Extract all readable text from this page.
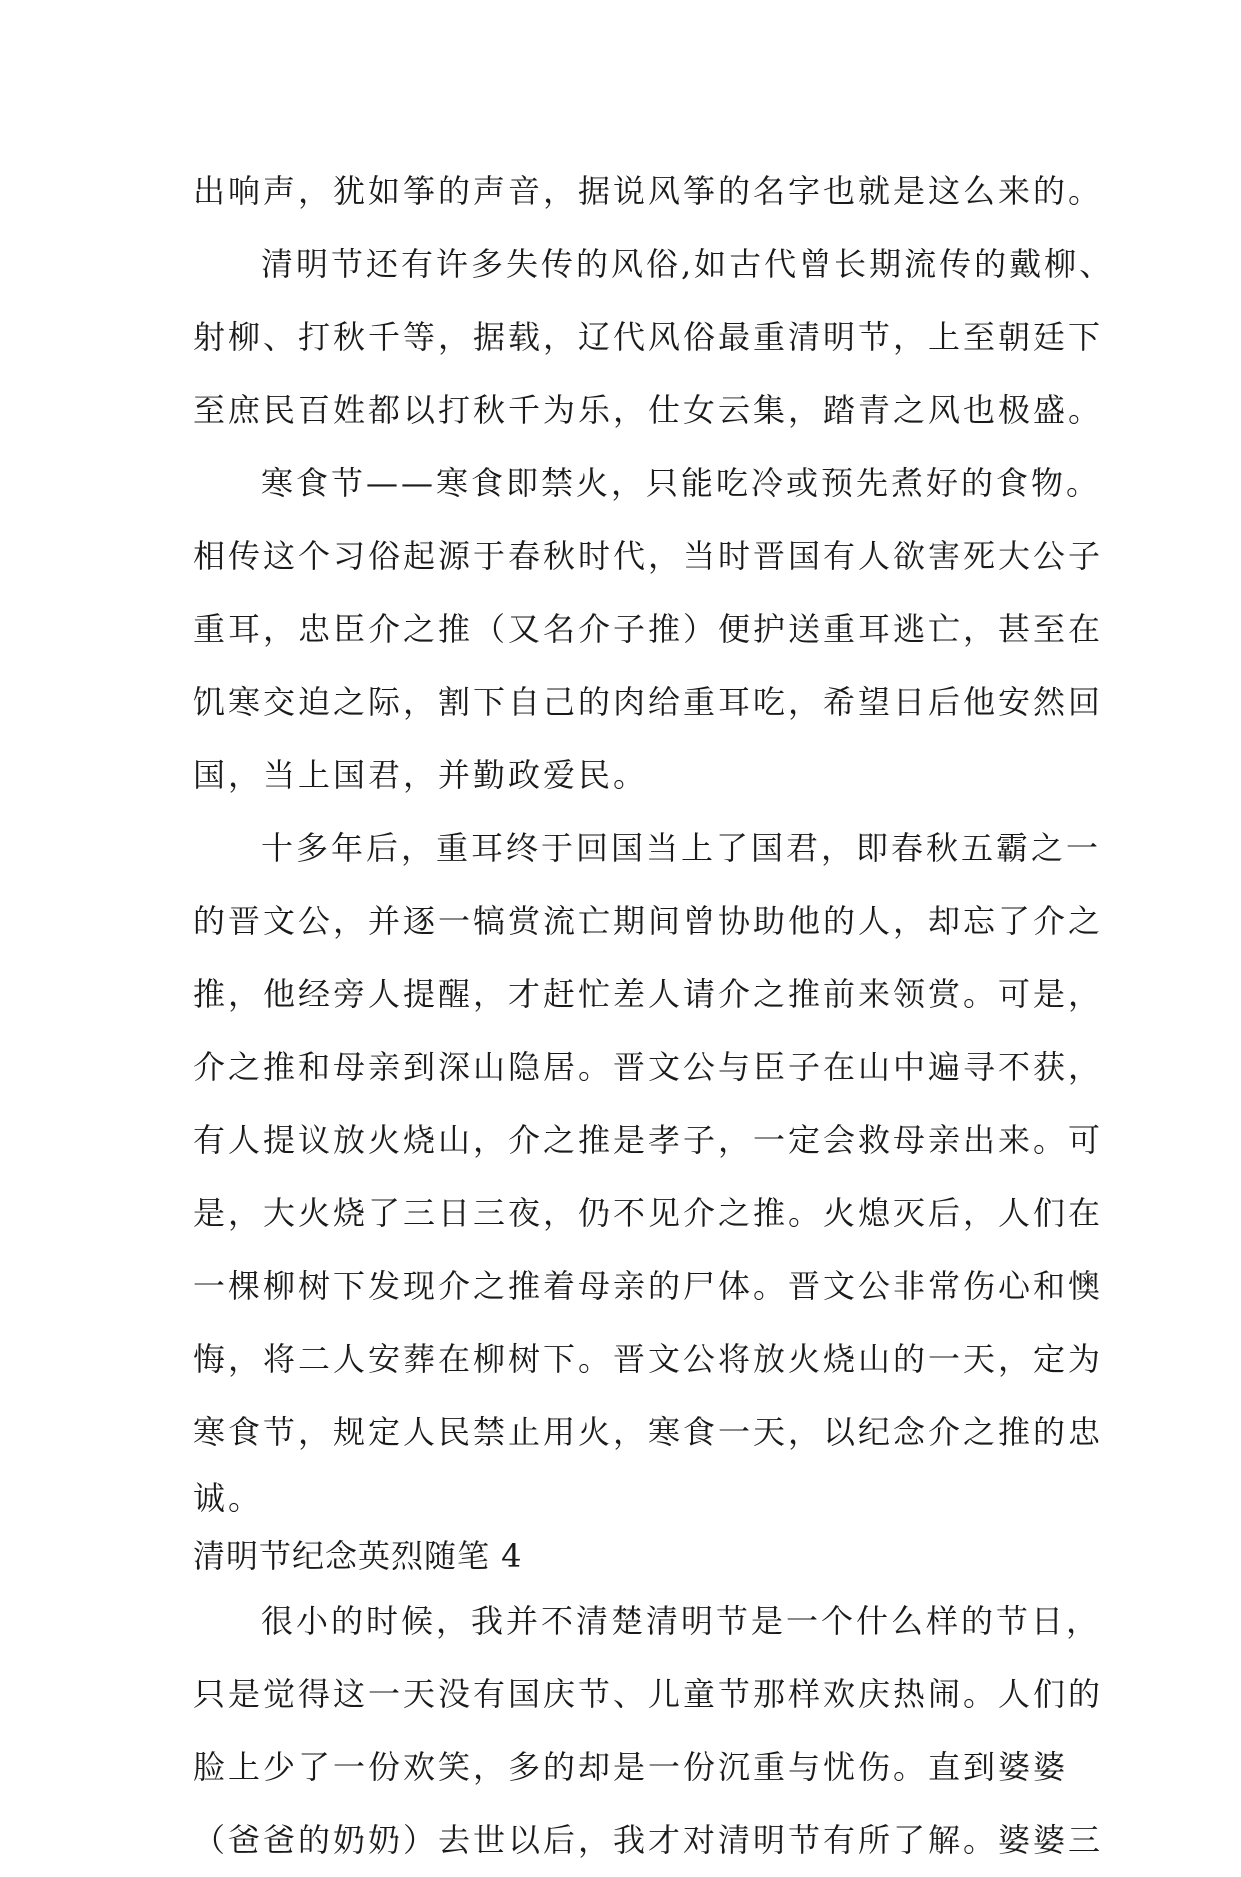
出响声，犹如筝的声音，据说风筝的名字也就是这么来的。
清明节还有许多失传的风俗,如古代曾长期流传的戴柳、
射柳、打秋千等，据载，辽代风俗最重清明节，上至朝廷下
至庶民百姓都以打秋千为乐，仕女云集，踏青之风也极盛。
寒食节——寒食即禁火，只能吃冷或预先煮好的食物。
相传这个习俗起源于春秋时代，当时晋国有人欲害死大公子
重耳，忠臣介之推（又名介子推）便护送重耳逃亡，甚至在
饥寒交迫之际，割下自己的肉给重耳吃，希望日后他安然回
国，当上国君，并勤政爱民。
十多年后，重耳终于回国当上了国君，即春秋五霸之一
的晋文公，并逐一犒赏流亡期间曾协助他的人，却忘了介之
推，他经旁人提醒，才赶忙差人请介之推前来领赏。可是，
介之推和母亲到深山隐居。晋文公与臣子在山中遍寻不获，
有人提议放火烧山，介之推是孝子，一定会救母亲出来。可
是，大火烧了三日三夜，仍不见介之推。火熄灭后，人们在
一棵柳树下发现介之推着母亲的尸体。晋文公非常伤心和懊
悔，将二人安葬在柳树下。晋文公将放火烧山的一天，定为
寒食节，规定人民禁止用火，寒食一天，以纪念介之推的忠
诚。
清明节纪念英烈随笔 4
很小的时候，我并不清楚清明节是一个什么样的节日，
只是觉得这一天没有国庆节、儿童节那样欢庆热闹。人们的
脸上少了一份欢笑，多的却是一份沉重与忧伤。直到婆婆
（爸爸的奶奶）去世以后，我才对清明节有所了解。婆婆三
